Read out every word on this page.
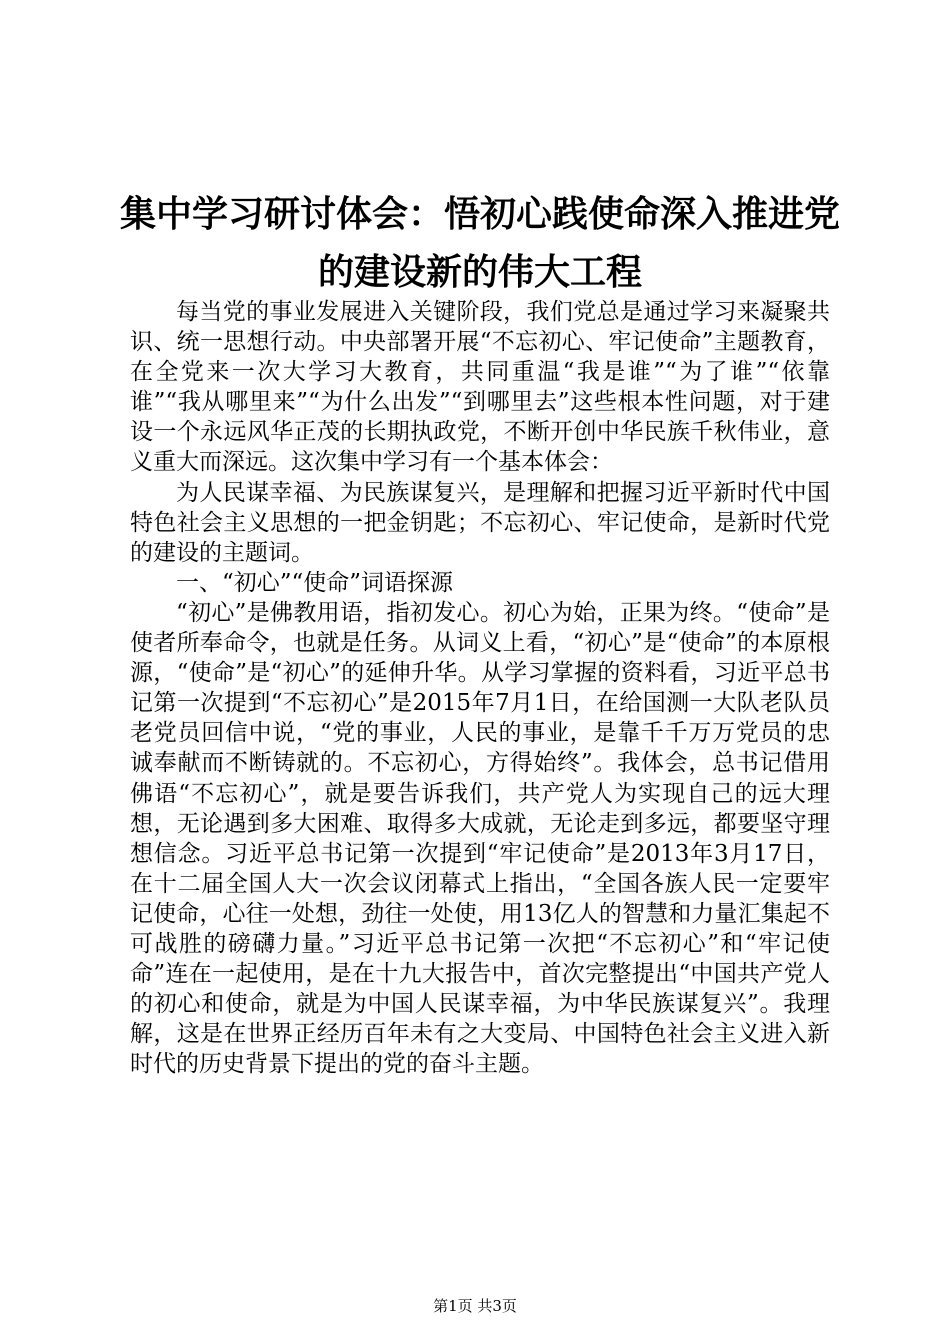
集中学习研讨体会：悟初心践使命深入推进党
的建设新的伟大工程

每当党的事业发展进入关键阶段，我们党总是通过学习来凝聚共识、统一思想行动。中央部署开展“不忘初心、牢记使命”主题教育，在全党来一次大学习大教育，共同重温“我是谁”“为了谁”“依靠谁”“我从哪里来”“为什么出发”“到哪里去”这些根本性问题，对于建设一个永远风华正茂的长期执政党，不断开创中华民族千秋伟业，意义重大而深远。这次集中学习有一个基本体会：

为人民谋幸福、为民族谋复兴，是理解和把握习近平新时代中国特色社会主义思想的一把金钥匙；不忘初心、牢记使命，是新时代党的建设的主题词。

一、“初心”“使命”词语探源

“初心”是佛教用语，指初发心。初心为始，正果为终。“使命”是使者所奉命令，也就是任务。从词义上看，“初心”是“使命”的本原根源，“使命”是“初心”的延伸升华。从学习掌握的资料看，习近平总书记第一次提到“不忘初心”是2015年7月1日，在给国测一大队老队员老党员回信中说，“党的事业，人民的事业，是靠千千万万党员的忠诚奉献而不断铸就的。不忘初心，方得始终”。我体会，总书记借用佛语“不忘初心”，就是要告诉我们，共产党人为实现自己的远大理想，无论遇到多大困难、取得多大成就，无论走到多远，都要坚守理想信念。习近平总书记第一次提到“牢记使命”是2013年3月17日，在十二届全国人大一次会议闭幕式上指出，“全国各族人民一定要牢记使命，心往一处想，劲往一处使，用13亿人的智慧和力量汇集起不可战胜的磅礴力量。”习近平总书记第一次把“不忘初心”和“牢记使命”连在一起使用，是在十九大报告中，首次完整提出“中国共产党人的初心和使命，就是为中国人民谋幸福，为中华民族谋复兴”。我理解，这是在世界正经历百年未有之大变局、中国特色社会主义进入新时代的历史背景下提出的党的奋斗主题。

第1页 共3页
